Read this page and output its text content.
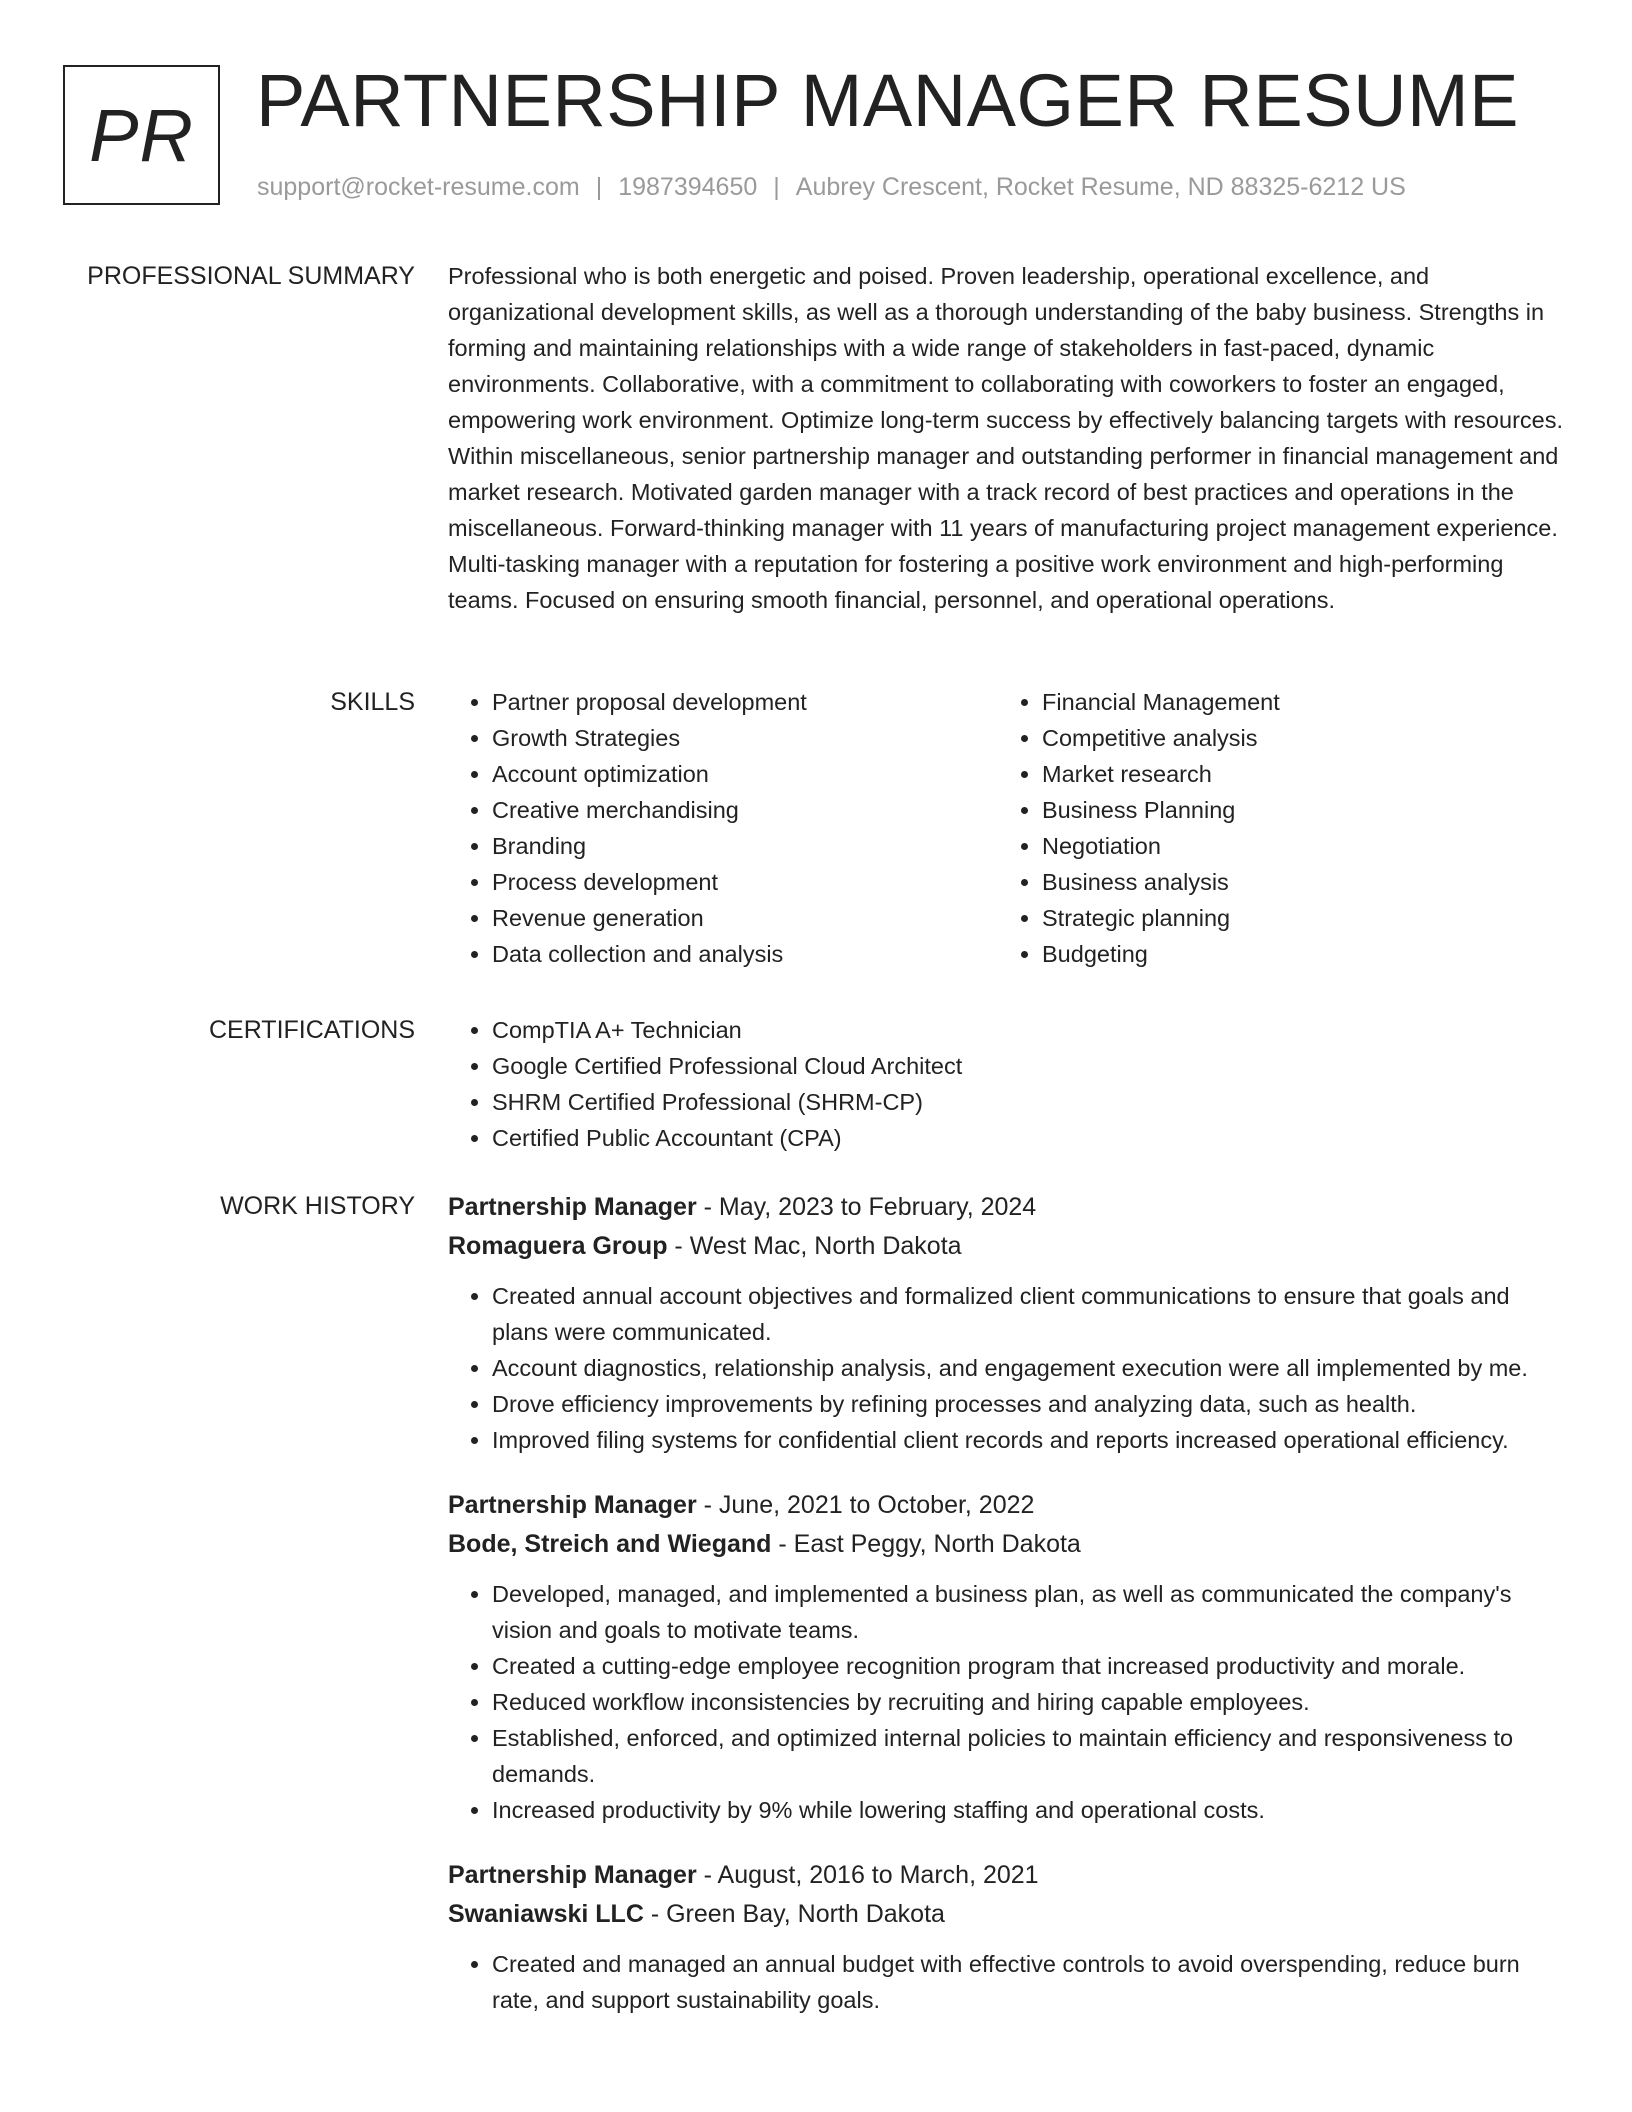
PR PARTNERSHIP MANAGER RESUME
support@rocket-resume.com | 1987394650 | Aubrey Crescent, Rocket Resume, ND 88325-6212 US
PROFESSIONAL SUMMARY Professional who is both energetic and poised. Proven leadership, operational excellence, and organizational development skills, as well as a thorough understanding of the baby business. Strengths in forming and maintaining relationships with a wide range of stakeholders in fast-paced, dynamic environments. Collaborative, with a commitment to collaborating with coworkers to foster an engaged, empowering work environment. Optimize long-term success by effectively balancing targets with resources. Within miscellaneous, senior partnership manager and outstanding performer in financial management and market research. Motivated garden manager with a track record of best practices and operations in the miscellaneous. Forward-thinking manager with 11 years of manufacturing project management experience. Multi-tasking manager with a reputation for fostering a positive work environment and high-performing teams. Focused on ensuring smooth financial, personnel, and operational operations.

SKILLS	• Partner proposal development
• Growth Strategies
• Account optimization
• Creative merchandising
• Branding
• Process development
• Revenue generation
• Data collection and analysis
• Financial Management
• Competitive analysis
• Market research
• Business Planning
• Negotiation
• Business analysis
• Strategic planning
• Budgeting
CERTIFICATIONS	• CompTIA A+ Technician
• Google Certified Professional Cloud Architect
• SHRM Certified Professional (SHRM-CP)
• Certified Public Accountant (CPA)
WORK HISTORY Partnership Manager - May, 2023 to February, 2024
Romaguera Group - West Mac, North Dakota
• Created annual account objectives and formalized client communications to ensure that goals and plans were communicated.
• Account diagnostics, relationship analysis, and engagement execution were all implemented by me.
• Drove efficiency improvements by refining processes and analyzing data, such as health.
• Improved filing systems for confidential client records and reports increased operational efficiency.
Partnership Manager - June, 2021 to October, 2022
Bode, Streich and Wiegand - East Peggy, North Dakota
• Developed, managed, and implemented a business plan, as well as communicated the company's vision and goals to motivate teams.
• Created a cutting-edge employee recognition program that increased productivity and morale.
• Reduced workflow inconsistencies by recruiting and hiring capable employees.
• Established, enforced, and optimized internal policies to maintain efficiency and responsiveness to demands.
• Increased productivity by 9% while lowering staffing and operational costs.
Partnership Manager - August, 2016 to March, 2021
Swaniawski LLC - Green Bay, North Dakota
• Created and managed an annual budget with effective controls to avoid overspending, reduce burn rate, and support sustainability goals.
